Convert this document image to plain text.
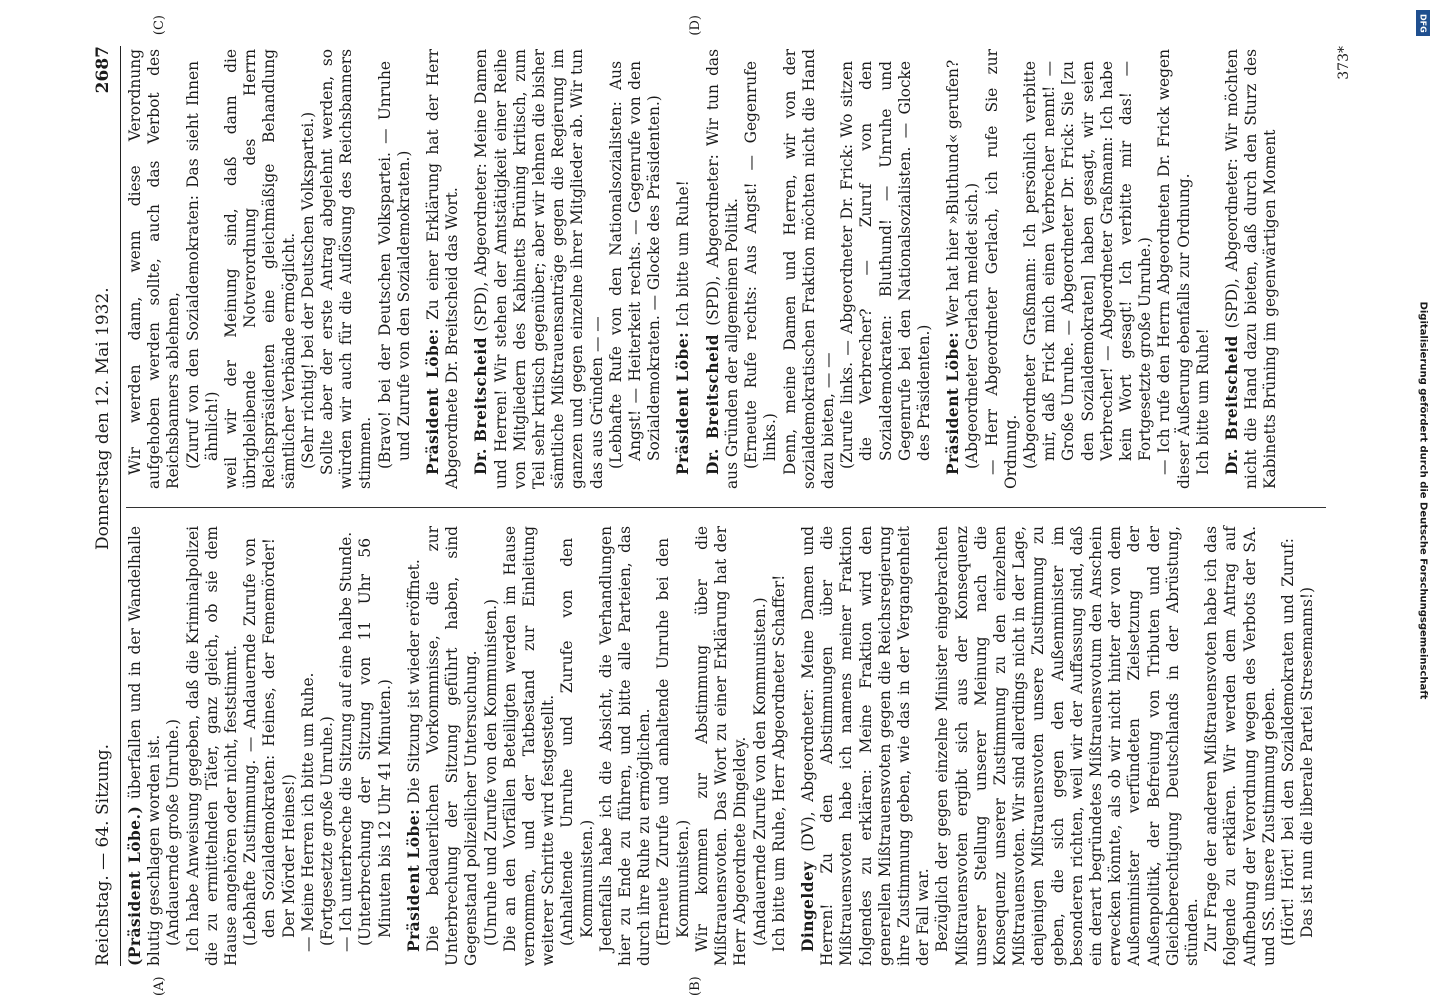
Reichstag. — 64. Sitzung.
Donnerstag den 12. Mai 1932.
2687
(A)	(B)

(Präsident Löbe.) überfallen und in der Wandelhalle blutig geschlagen worden ist. (Andauernde große Unruhe.) Ich habe Anweisung gegeben, daß die Kriminalpolizei die zu ermittelnden Täter, ganz gleich, ob sie dem Hause angehören oder nicht, feststimmt. (Lebhafte Zustimmung. — Andauernde Zurufe von den Sozialdemokraten: Heines, der Fememörder! Der Mörder Heines!) — Meine Herren ich bitte um Ruhe. (Fortgesetzte große Unruhe.) — Ich unterbreche die Sitzung auf eine halbe Stunde. (Unterbrechung der Sitzung von 11 Uhr 56 Minuten bis 12 Uhr 41 Minuten.) Präsident Löbe: Die Sitzung ist wieder eröffnet. Die bedauerlichen Vorkommnisse, die zur Unterbrechung der Sitzung geführt haben, sind Gegenstand polizeilicher Untersuchung. (Unruhe und Zurufe von den Kommunisten.) Die an den Vorfällen Beteiligten werden im Hause vernommen, und der Tatbestand zur Einleitung weiterer Schritte wird festgestellt. (Anhaltende Unruhe und Zurufe von den Kommunisten.) Jedenfalls habe ich die Absicht, die Verhandlungen hier zu Ende zu führen, und bitte alle Parteien, das durch ihre Ruhe zu ermöglichen. (Erneute Zurufe und anhaltende Unruhe bei den Kommunisten.) Wir kommen zur Abstimmung über die Mißtrauensvoten. Das Wort zu einer Erklärung hat der Herr Abgeordnete Dingeldey. (Andauernde Zurufe von den Kommunisten.) Ich bitte um Ruhe, Herr Abgeordneter Schaffer! Dingeldey (DV), Abgeordneter: Meine Damen und Herren! Zu den Abstimmungen über die Mißtrauensvoten habe ich namens meiner Fraktion folgendes zu erklären: Meine Fraktion wird den generellen Mißtrauensvoten gegen die Reichsregierung ihre Zustimmung geben, wie das in der Vergangenheit der Fall war. Bezüglich der gegen einzelne Minister eingebrachten Mißtrauensvoten ergibt sich aus der Konsequenz unserer Stellung unserer Meinung nach die Konsequenz unserer Zustimmung zu den einzelnen Mißtrauensvoten. Wir sind allerdings nicht in der Lage, denjenigen Mißtrauensvoten unsere Zustimmung zu geben, die sich gegen den Außenminister im besonderen richten, weil wir der Auffassung sind, daß ein derart begründetes Mißtrauensvotum den Anschein erwecken könnte, als ob wir nicht hinter der von dem Außenminister verfündeten Zielsetzung der Außenpolitik, der Befreiung von Tributen und der Gleichberechtigung Deutschlands in der Abrüstung, stünden. Zur Frage der anderen Mißtrauensvoten habe ich das folgende zu erklären. Wir werden dem Antrag auf Aufhebung der Verordnung wegen des Verbots der SA. und SS. unsere Zustimmung geben. (Hört! Hört! bei den Sozialdemokraten und Zuruf: Das ist nun die liberale Partei Stresemanns!)

(C)	(D)

Wir werden dann, wenn diese Verordnung aufgehoben werden sollte, auch das Verbot des Reichsbanners ablehnen, (Zuruf von den Sozialdemokraten: Das sieht Ihnen ähnlich!) weil wir der Meinung sind, daß dann die übrigbleibende Notverordnung des Herrn Reichspräsidenten eine gleichmäßige Behandlung sämtlicher Verbände ermöglicht. (Sehr richtig! bei der Deutschen Volkspartei.) Sollte aber der erste Antrag abgelehnt werden, so würden wir auch für die Auflösung des Reichsbanners stimmen. (Bravo! bei der Deutschen Volkspartei. — Unruhe und Zurufe von den Sozialdemokraten.) Präsident Löbe: Zu einer Erklärung hat der Herr Abgeordnete Dr. Breitscheid das Wort. Dr. Breitscheid (SPD), Abgeordneter: Meine Damen und Herren! Wir stehen der Amtstätigkeit einer Reihe von Mitgliedern des Kabinetts Brüning kritisch, zum Teil sehr kritisch gegenüber; aber wir lehnen die bisher sämtliche Mißtrauensanträge gegen die Regierung im ganzen und gegen einzelne ihrer Mitglieder ab. Wir tun das aus Gründen — — (Lebhafte Rufe von den Nationalsozialisten: Aus Angst! — Heiterkeit rechts. — Gegenrufe von den Sozialdemokraten. — Glocke des Präsidenten.) Präsident Löbe: Ich bitte um Ruhe!

Dr. Breitscheid (SPD), Abgeordneter: Wir tun das aus Gründen der allgemeinen Politik. (Erneute Rufe rechts: Aus Angst! — Gegenrufe links.) Denn, meine Damen und Herren, wir von der sozialdemokratischen Fraktion möchten nicht die Hand dazu bieten, — — (Zurufe links. — Abgeordneter Dr. Frick: Wo sitzen die Verbrecher? — Zuruf von den Sozialdemokraten: Bluthund! — Unruhe und Gegenrufe bei den Nationalsozialisten. — Glocke des Präsidenten.) Präsident Löbe: Wer hat hier »Bluthund« gerufen? (Abgeordneter Gerlach meldet sich.) — Herr Abgeordneter Gerlach, ich rufe Sie zur Ordnung. (Abgeordneter Graßmann: Ich persönlich verbitte mir, daß Frick mich einen Verbrecher nennt! — Große Unruhe. — Abgeordneter Dr. Frick: Sie [zu den Sozialdemokraten] haben gesagt, wir seien Verbrecher! — Abgeordneter Graßmann: Ich habe kein Wort gesagt! Ich verbitte mir das! — Fortgesetzte große Unruhe.) — Ich rufe den Herrn Abgeordneten Dr. Frick wegen dieser Äußerung ebenfalls zur Ordnung. Ich bitte um Ruhe! Dr. Breitscheid (SPD), Abgeordneter: Wir möchten nicht die Hand dazu bieten, daß durch den Sturz des Kabinetts Brüning im gegenwärtigen Moment

373*
DFG
Digitalisierung gefördert durch die Deutsche Forschungsgemeinschaft
